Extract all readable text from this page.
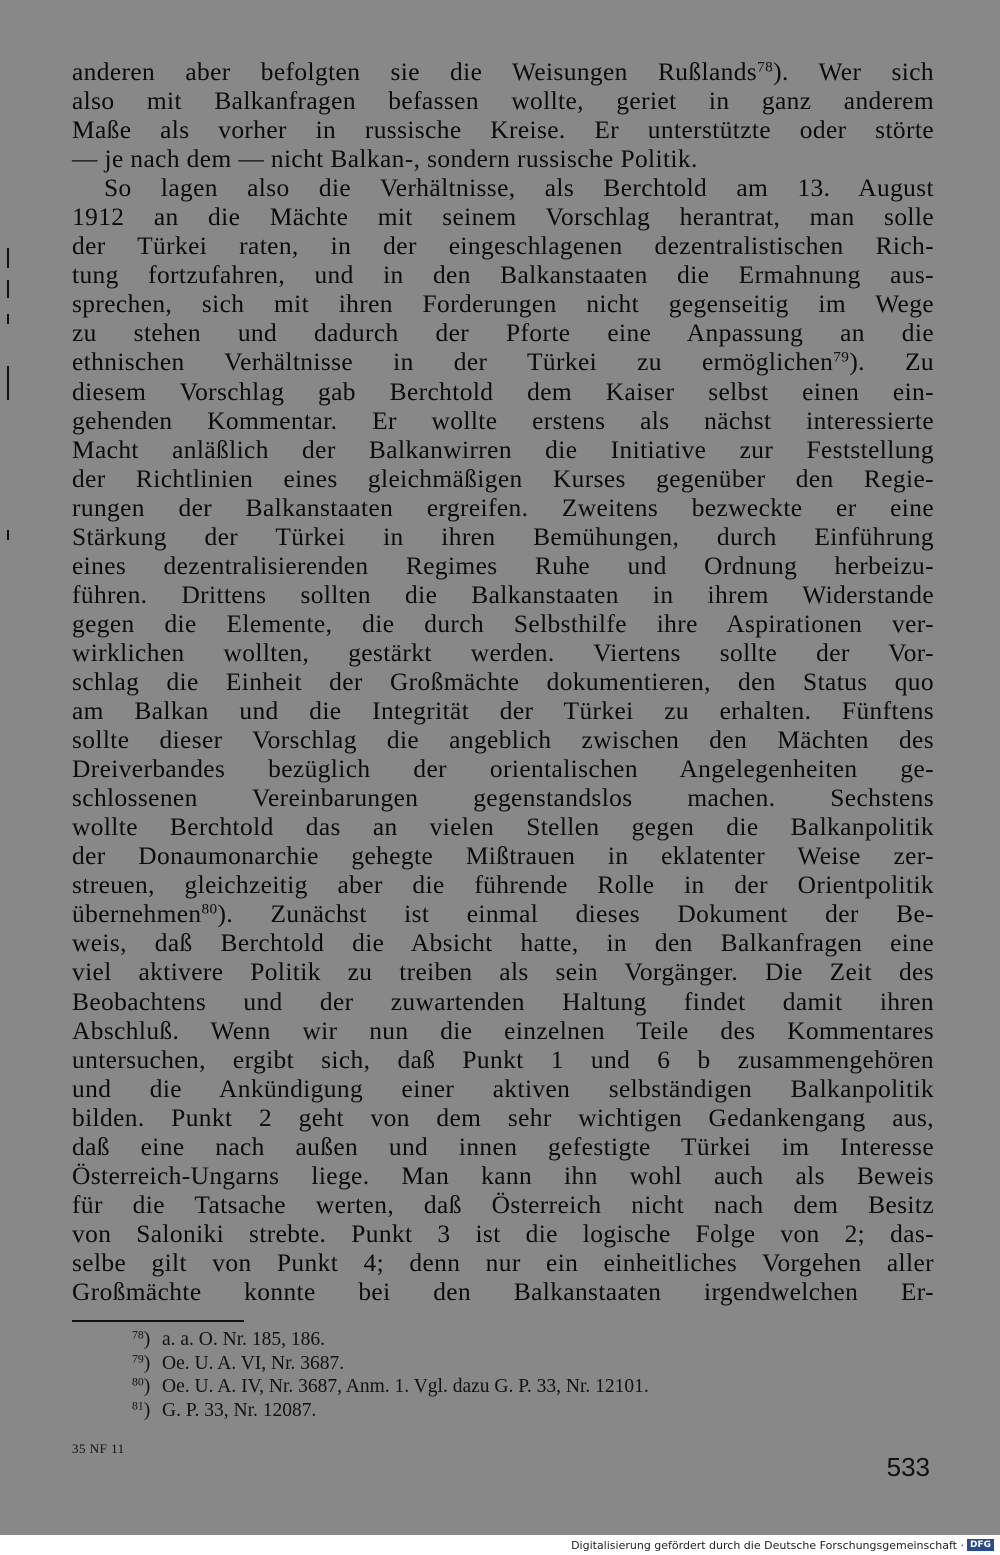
anderen aber befolgten sie die Weisungen Rußlands$^{78}$). Wer sich
also mit Balkanfragen befassen wollte, geriet in ganz anderem
Maße als vorher in russische Kreise. Er unterstützte oder störte
— je nach dem — nicht Balkan-, sondern russische Politik.
So lagen also die Verhältnisse, als Berchtold am 13. August
1912 an die Mächte mit seinem Vorschlag herantrat, man solle
der Türkei raten, in der eingeschlagenen dezentralistischen Rich-
tung fortzufahren, und in den Balkanstaaten die Ermahnung aus-
sprechen, sich mit ihren Forderungen nicht gegenseitig im Wege
zu stehen und dadurch der Pforte eine Anpassung an die
ethnischen Verhältnisse in der Türkei zu ermöglichen$^{79}$). Zu
diesem Vorschlag gab Berchtold dem Kaiser selbst einen ein-
gehenden Kommentar. Er wollte erstens als nächst interessierte
Macht anläßlich der Balkanwirren die Initiative zur Feststellung
der Richtlinien eines gleichmäßigen Kurses gegenüber den Regie-
rungen der Balkanstaaten ergreifen. Zweitens bezweckte er eine
Stärkung der Türkei in ihren Bemühungen, durch Einführung
eines dezentralisierenden Regimes Ruhe und Ordnung herbeizu-
führen. Drittens sollten die Balkanstaaten in ihrem Widerstande
gegen die Elemente, die durch Selbsthilfe ihre Aspirationen ver-
wirklichen wollten, gestärkt werden. Viertens sollte der Vor-
schlag die Einheit der Großmächte dokumentieren, den Status quo
am Balkan und die Integrität der Türkei zu erhalten. Fünftens
sollte dieser Vorschlag die angeblich zwischen den Mächten des
Dreiverbandes bezüglich der orientalischen Angelegenheiten ge-
schlossenen Vereinbarungen gegenstandslos machen. Sechstens
wollte Berchtold das an vielen Stellen gegen die Balkanpolitik
der Donaumonarchie gehegte Mißtrauen in eklatenter Weise zer-
streuen, gleichzeitig aber die führende Rolle in der Orientpolitik
übernehmen$^{80}$). Zunächst ist einmal dieses Dokument der Be-
weis, daß Berchtold die Absicht hatte, in den Balkanfragen eine
viel aktivere Politik zu treiben als sein Vorgänger. Die Zeit des
Beobachtens und der zuwartenden Haltung findet damit ihren
Abschluß. Wenn wir nun die einzelnen Teile des Kommentares
untersuchen, ergibt sich, daß Punkt 1 und 6 b zusammengehören
und die Ankündigung einer aktiven selbständigen Balkanpolitik
bilden. Punkt 2 geht von dem sehr wichtigen Gedankengang aus,
daß eine nach außen und innen gefestigte Türkei im Interesse
Österreich-Ungarns liege. Man kann ihn wohl auch als Beweis
für die Tatsache werten, daß Österreich nicht nach dem Besitz
von Saloniki strebte. Punkt 3 ist die logische Folge von 2; das-
selbe gilt von Punkt 4; denn nur ein einheitliches Vorgehen aller
Großmächte konnte bei den Balkanstaaten irgendwelchen Er-
$^{78}$) a. a. O. Nr. 185, 186.
$^{79}$) Oe. U. A. VI, Nr. 3687.
$^{80}$) Oe. U. A. IV, Nr. 3687, Anm. 1. Vgl. dazu G. P. 33, Nr. 12101.
$^{81}$) G. P. 33, Nr. 12087.
35 NF 11
533
Digitalisierung gefördert durch die Deutsche Forschungsgemeinschaft · DFG
